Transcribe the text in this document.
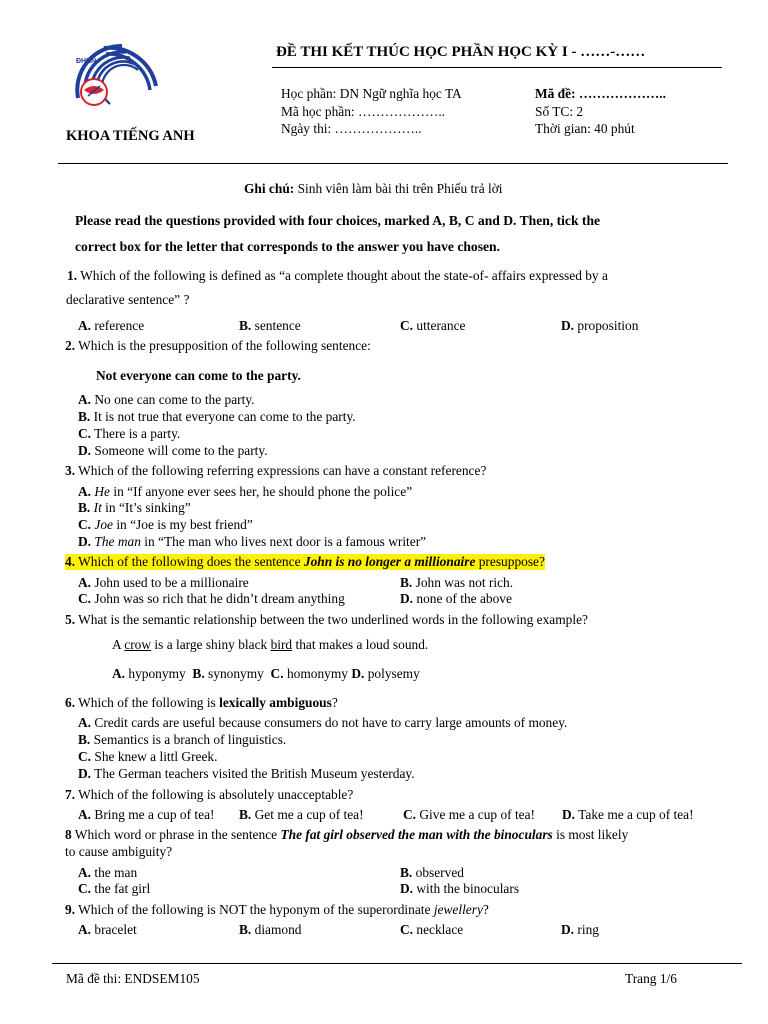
ĐHNN
KHOA TIẾNG ANH
ĐỀ THI KẾT THÚC HỌC PHẦN HỌC KỲ I - ……-……
Học phần: DN Ngữ nghĩa học TA
Mã học phần: ………………..
Ngày thi: ………………..
Mã đề: ………………..
Số TC: 2
Thời gian: 40 phút
Ghi chú: Sinh viên làm bài thi trên Phiếu trả lời
Please read the questions provided with four choices, marked A, B, C and D. Then, tick the
correct box for the letter that corresponds to the answer you have chosen.
1. Which of the following is defined as “a complete thought about the state-of- affairs expressed by a
declarative sentence” ?
A. reference	B. sentence	C. utterance	D. proposition
2. Which is the presupposition of the following sentence:
Not everyone can come to the party.
A. No one can come to the party.
B. It is not true that everyone can come to the party.
C. There is a party.
D. Someone will come to the party.
3. Which of the following referring expressions can have a constant reference?
A. He in “If anyone ever sees her, he should phone the police”
B. It in “It’s sinking”
C. Joe in “Joe is my best friend”
D. The man in “The man who lives next door is a famous writer”
4. Which of the following does the sentence John is no longer a millionaire presuppose?
A. John used to be a millionaire	B. John was not rich.
C. John was so rich that he didn’t dream anything	D. none of the above
5. What is the semantic relationship between the two underlined words in the following example?
A crow is a large shiny black bird that makes a loud sound.
A. hyponymy B. synonymy C. homonymy D. polysemy
6. Which of the following is lexically ambiguous?
A. Credit cards are useful because consumers do not have to carry large amounts of money.
B. Semantics is a branch of linguistics.
C. She knew a littl Greek.
D. The German teachers visited the British Museum yesterday.
7. Which of the following is absolutely unacceptable?
A. Bring me a cup of tea! B. Get me a cup of tea!	C. Give me a cup of tea! D. Take me a cup of tea!
8 Which word or phrase in the sentence The fat girl observed the man with the binoculars is most likely
to cause ambiguity?
A. the man	B. observed
C. the fat girl	D. with the binoculars
9. Which of the following is NOT the hyponym of the superordinate jewellery?
A. bracelet	B. diamond	C. necklace	D. ring
Mã đề thi: ENDSEM105	Trang 1/6
